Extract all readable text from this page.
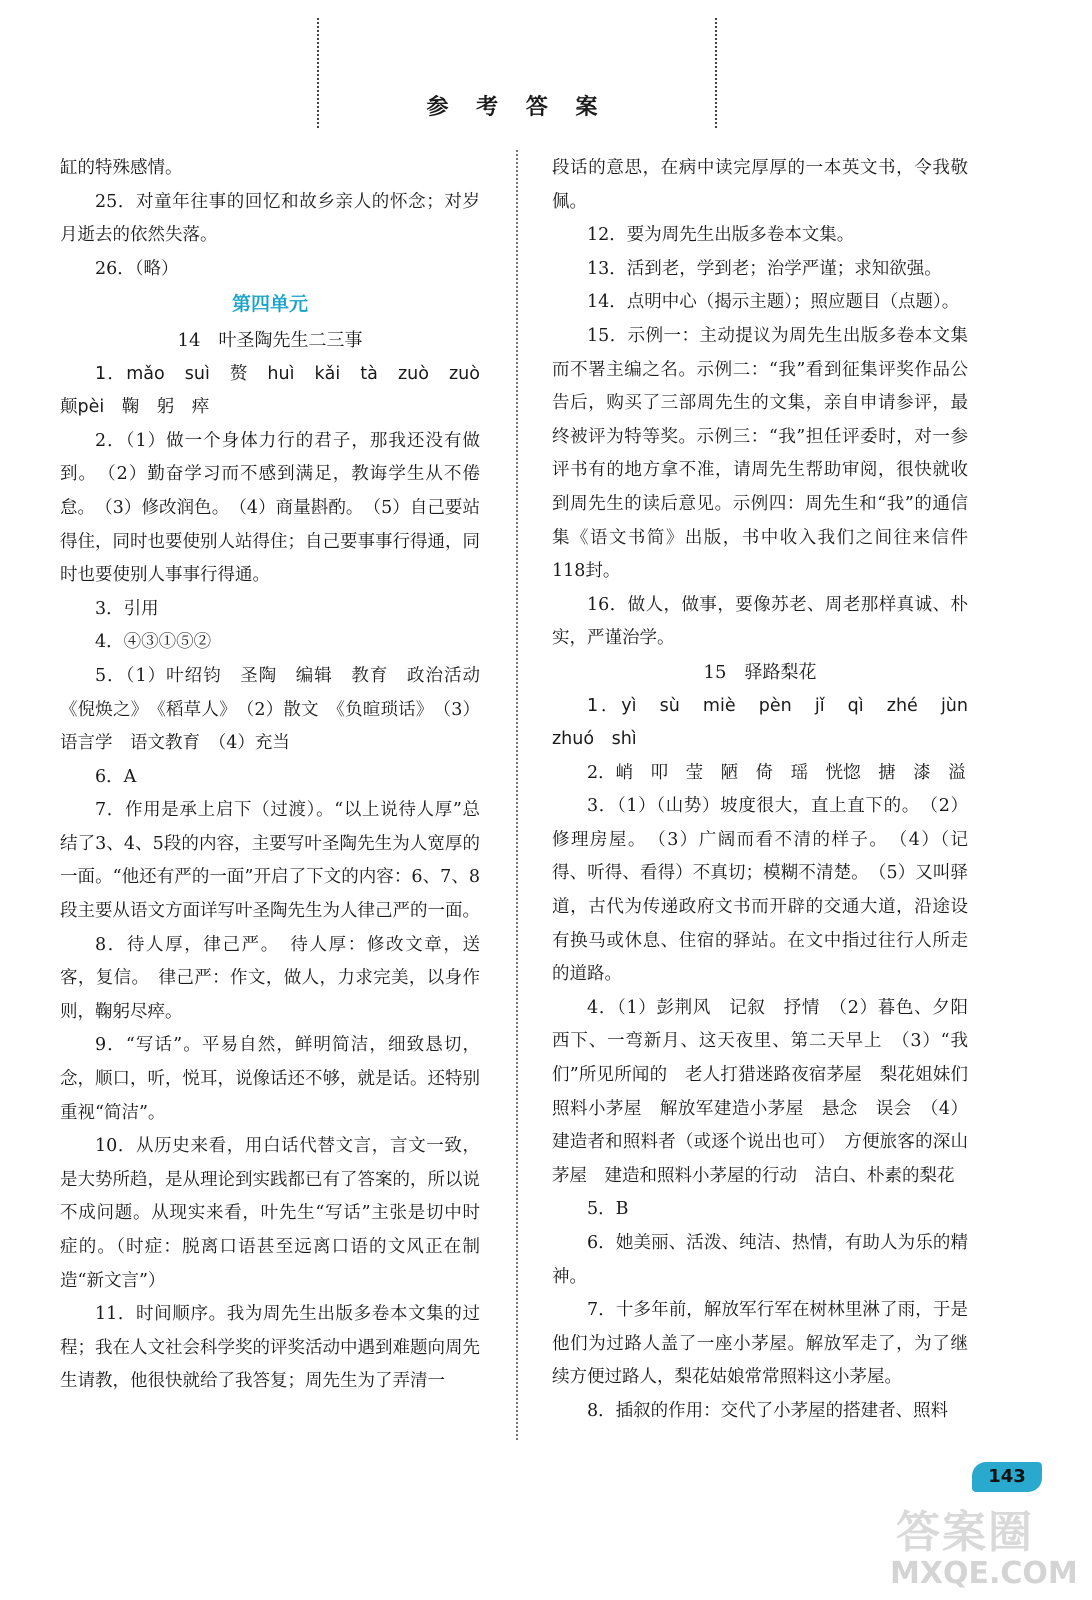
参 考 答 案

缸的特殊感情。

25．对童年往事的回忆和故乡亲人的怀念；对岁月逝去的依然失落。

26．（略）

第四单元

14　叶圣陶先生二三事

1．mǎo　suì　赘　huì　kǎi　tà　zuò　zuò　颠pèi　鞠　躬　瘁

2．（1）做一个身体力行的君子，那我还没有做到。　（2）勤奋学习而不感到满足，教诲学生从不倦怠。　（3）修改润色。　（4）商量斟酌。　（5）自己要站得住，同时也要使别人站得住；自己要事事行得通，同时也要使别人事事行得通。

3．引用

4．④③①⑤②

5．（1）叶绍钧　圣陶　编辑　教育　政治活动《倪焕之》　《稻草人》　（2）散文　《负暄琐话》　（3）语言学　语文教育　（4）充当

6．A

7．作用是承上启下（过渡）。“以上说待人厚”总结了3、4、5段的内容，主要写叶圣陶先生为人宽厚的一面。“他还有严的一面”开启了下文的内容：6、7、8段主要从语文方面详写叶圣陶先生为人律己严的一面。

8．待人厚，律己严。　待人厚：修改文章，送客，复信。　律己严：作文，做人，力求完美，以身作则，鞠躬尽瘁。

9．“写话”。平易自然，鲜明简洁，细致恳切，念，顺口，听，悦耳，说像话还不够，就是话。还特别重视“简洁”。

10．从历史来看，用白话代替文言，言文一致，是大势所趋，是从理论到实践都已有了答案的，所以说不成问题。从现实来看，叶先生“写话”主张是切中时症的。（时症：脱离口语甚至远离口语的文风正在制造“新文言”）

11．时间顺序。我为周先生出版多卷本文集的过程；我在人文社会科学奖的评奖活动中遇到难题向周先生请教，他很快就给了我答复；周先生为了弄清一

段话的意思，在病中读完厚厚的一本英文书，令我敬佩。

12．要为周先生出版多卷本文集。

13．活到老，学到老；治学严谨；求知欲强。

14．点明中心（揭示主题）；照应题目（点题）。

15．示例一：主动提议为周先生出版多卷本文集而不署主编之名。示例二：“我”看到征集评奖作品公告后，购买了三部周先生的文集，亲自申请参评，最终被评为特等奖。示例三：“我”担任评委时，对一参评书有的地方拿不准，请周先生帮助审阅，很快就收到周先生的读后意见。示例四：周先生和“我”的通信集《语文书简》出版，书中收入我们之间往来信件118封。

16．做人，做事，要像苏老、周老那样真诚、朴实，严谨治学。

15　驿路梨花

1．yì　sù　miè　pèn　jǐ　qì　zhé　jùn　zhuó　shì

2．峭　叩　莹　陋　倚　瑶　恍惚　搪　漆　溢

3．（1）（山势）坡度很大，直上直下的。　（2）修理房屋。　（3）广阔而看不清的样子。　（4）（记得、听得、看得）不真切；模糊不清楚。　（5）又叫驿道，古代为传递政府文书而开辟的交通大道，沿途设有换马或休息、住宿的驿站。在文中指过往行人所走的道路。

4．（1）彭荆风　记叙　抒情　（2）暮色、夕阳西下、一弯新月、这天夜里、第二天早上　（3）“我们”所见所闻的　老人打猎迷路夜宿茅屋　梨花姐妹们照料小茅屋　解放军建造小茅屋　悬念　误会　（4）建造者和照料者（或逐个说出也可）　方便旅客的深山茅屋　建造和照料小茅屋的行动　洁白、朴素的梨花

5．B

6．她美丽、活泼、纯洁、热情，有助人为乐的精神。

7．十多年前，解放军行军在树林里淋了雨，于是他们为过路人盖了一座小茅屋。解放军走了，为了继续方便过路人，梨花姑娘常常照料这小茅屋。

8．插叙的作用：交代了小茅屋的搭建者、照料

143
答案圈
MXQE.COM
